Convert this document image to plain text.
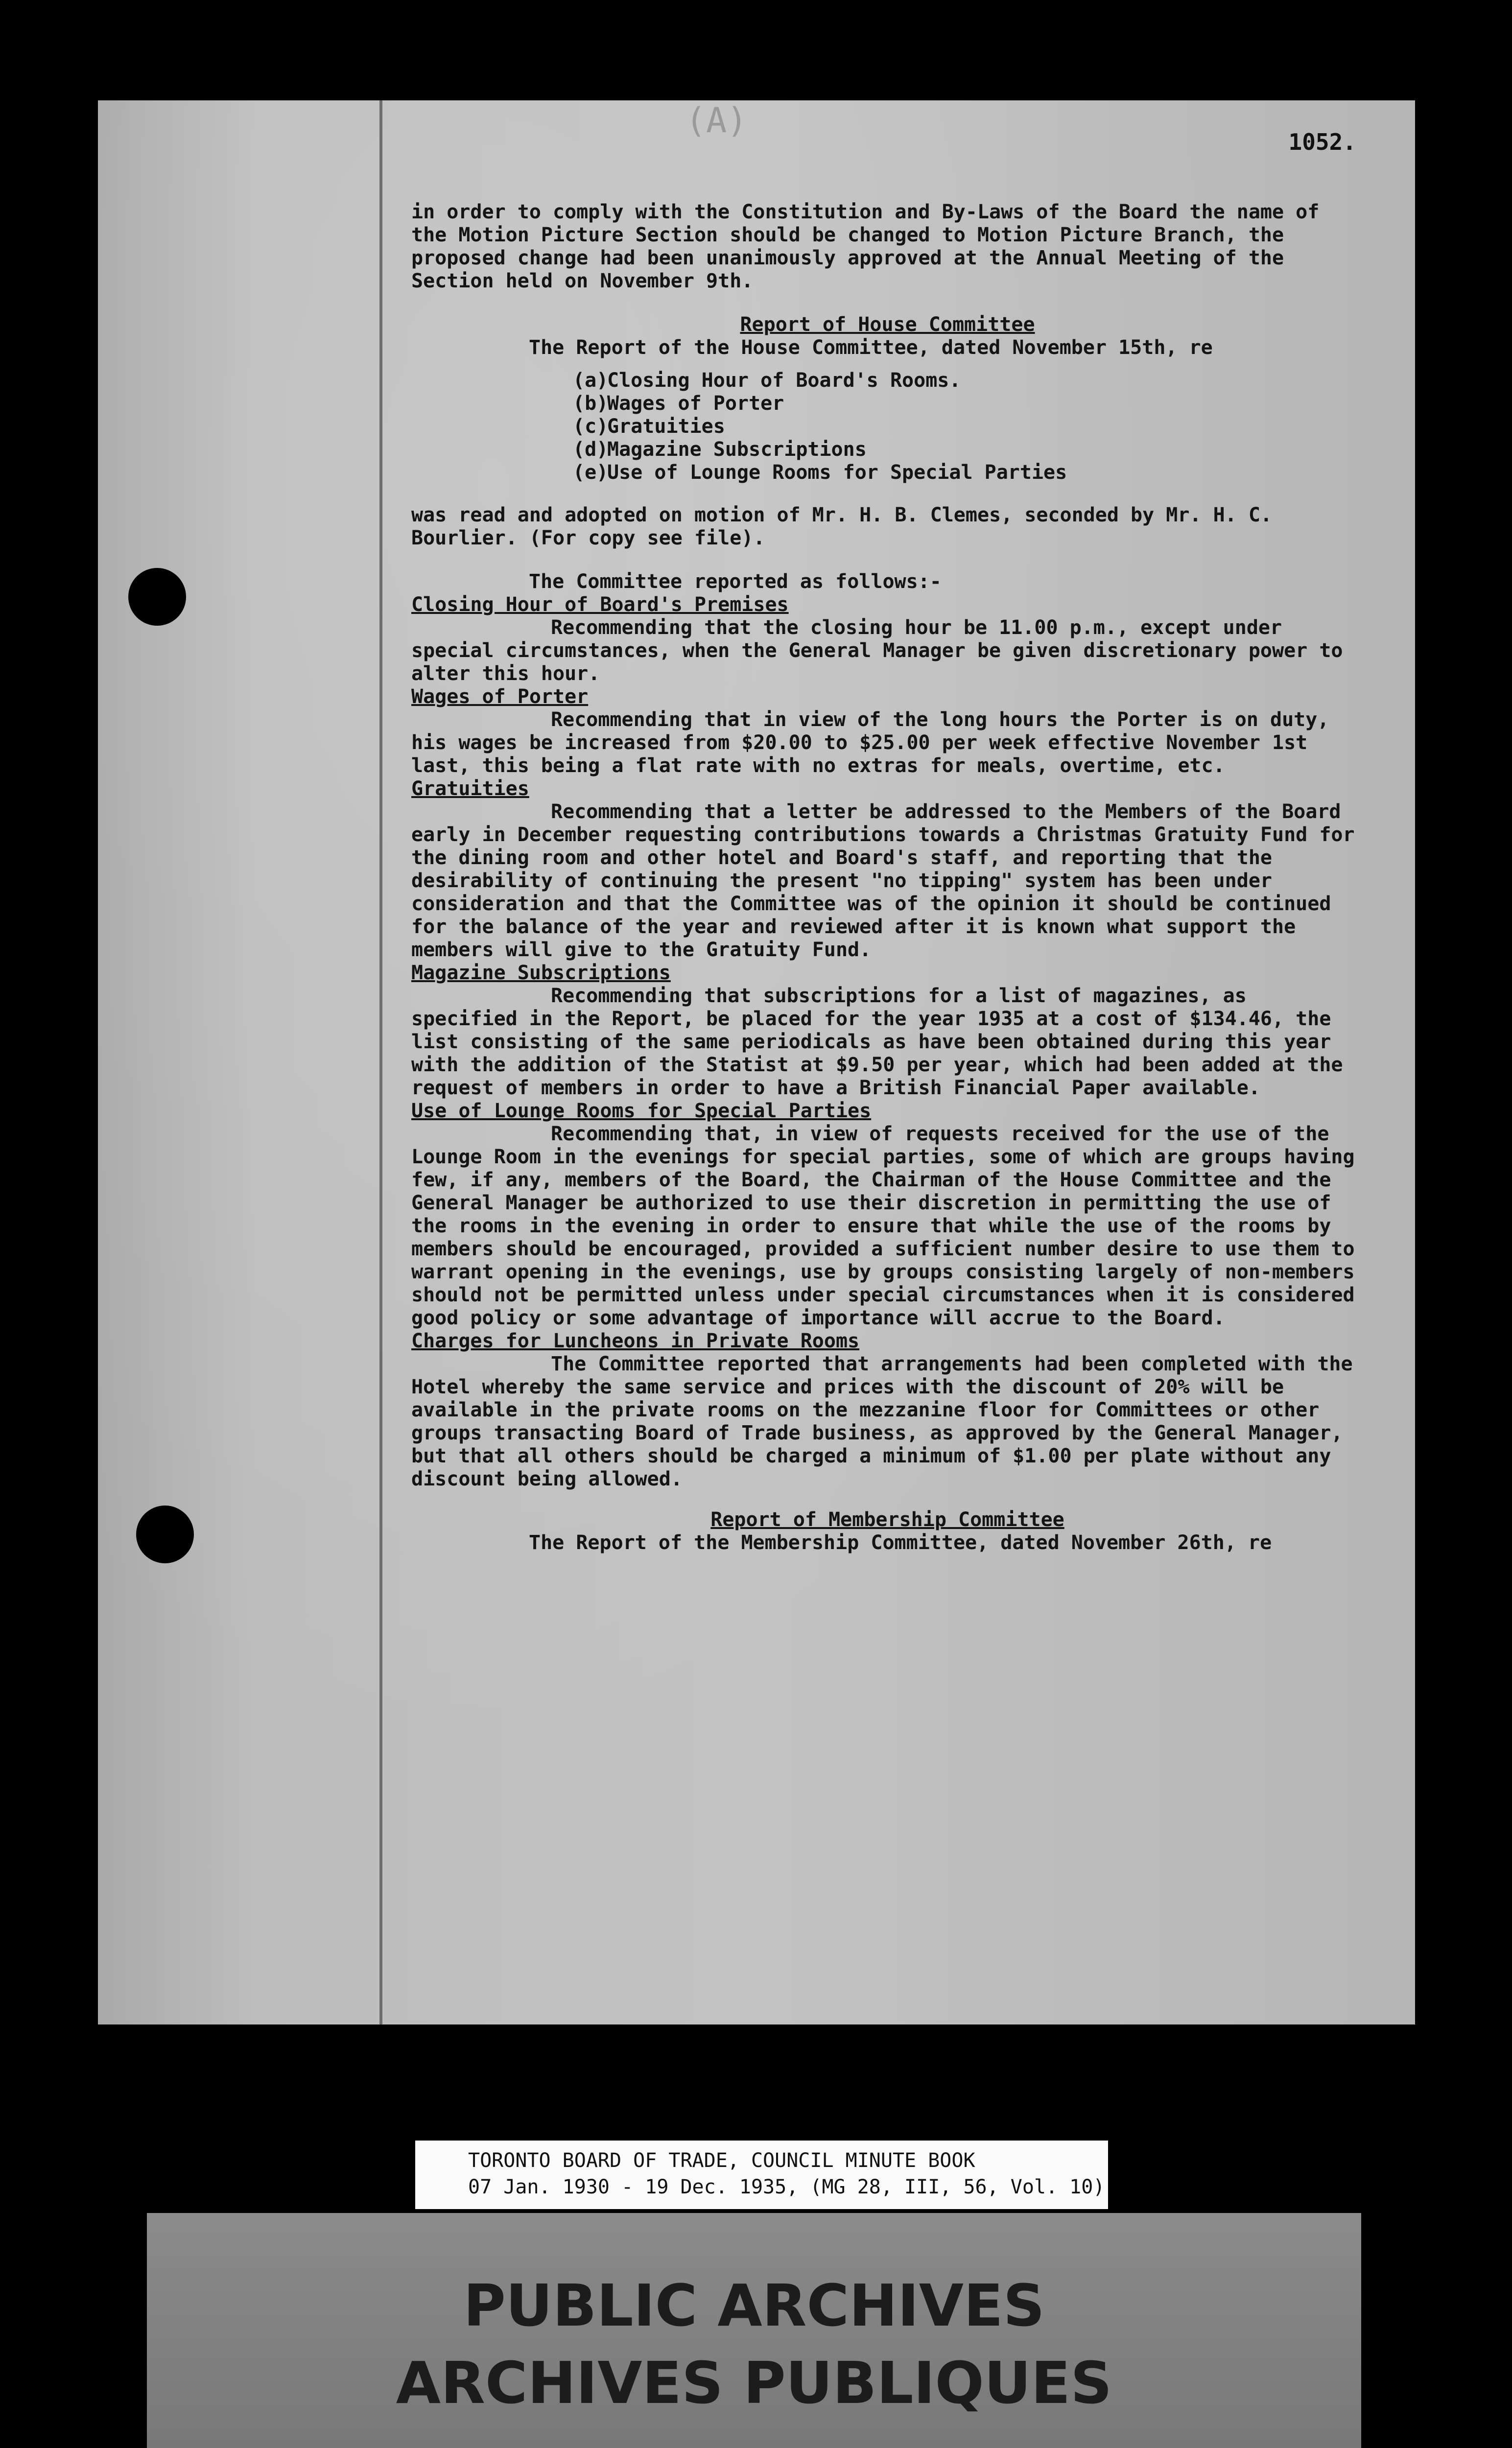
(A)
1052.

in order to comply with the Constitution and By-Laws of the Board the name of the Motion Picture Section should be changed to Motion Picture Branch, the proposed change had been unanimously approved at the Annual Meeting of the Section held on November 9th.

Report of House Committee

The Report of the House Committee, dated November 15th, re

(a)
Closing Hour of Board's Rooms.
(b)
Wages of Porter
(c)
Gratuities
(d)
Magazine Subscriptions
(e)
Use of Lounge Rooms for Special Parties

was read and adopted on motion of Mr. H. B. Clemes, seconded by Mr. H. C. Bourlier. (For copy see file).

The Committee reported as follows:-

Closing Hour of Board's Premises

Recommending that the closing hour be 11.00 p.m., except under special circumstances, when the General Manager be given discretionary power to alter this hour.

Wages of Porter

Recommending that in view of the long hours the Porter is on duty, his wages be increased from $20.00 to $25.00 per week effective November 1st last, this being a flat rate with no extras for meals, overtime, etc.

Gratuities

Recommending that a letter be addressed to the Members of the Board early in December requesting contributions towards a Christmas Gratuity Fund for the dining room and other hotel and Board's staff, and reporting that the desirability of continuing the present "no tipping" system has been under consideration and that the Committee was of the opinion it should be continued for the balance of the year and reviewed after it is known what support the members will give to the Gratuity Fund.

Magazine Subscriptions

Recommending that subscriptions for a list of magazines, as specified in the Report, be placed for the year 1935 at a cost of $134.46, the list consisting of the same periodicals as have been obtained during this year with the addition of the Statist at $9.50 per year, which had been added at the request of members in order to have a British Financial Paper available.

Use of Lounge Rooms for Special Parties

Recommending that, in view of requests received for the use of the Lounge Room in the evenings for special parties, some of which are groups having few, if any, members of the Board, the Chairman of the House Committee and the General Manager be authorized to use their discretion in permitting the use of the rooms in the evening in order to ensure that while the use of the rooms by members should be encouraged, provided a sufficient number desire to use them to warrant opening in the evenings, use by groups consisting largely of non-members should not be permitted unless under special circumstances when it is considered good policy or some advantage of importance will accrue to the Board.

Charges for Luncheons in Private Rooms

The Committee reported that arrangements had been completed with the Hotel whereby the same service and prices with the discount of 20% will be available in the private rooms on the mezzanine floor for Committees or other groups transacting Board of Trade business, as approved by the General Manager, but that all others should be charged a minimum of $1.00 per plate without any discount being allowed.

Report of Membership Committee

The Report of the Membership Committee, dated November 26th, re

TORONTO BOARD OF TRADE, COUNCIL MINUTE BOOK
07 Jan. 1930 - 19 Dec. 1935, (MG 28, III, 56, Vol. 10)
PUBLIC ARCHIVES
ARCHIVES PUBLIQUES
